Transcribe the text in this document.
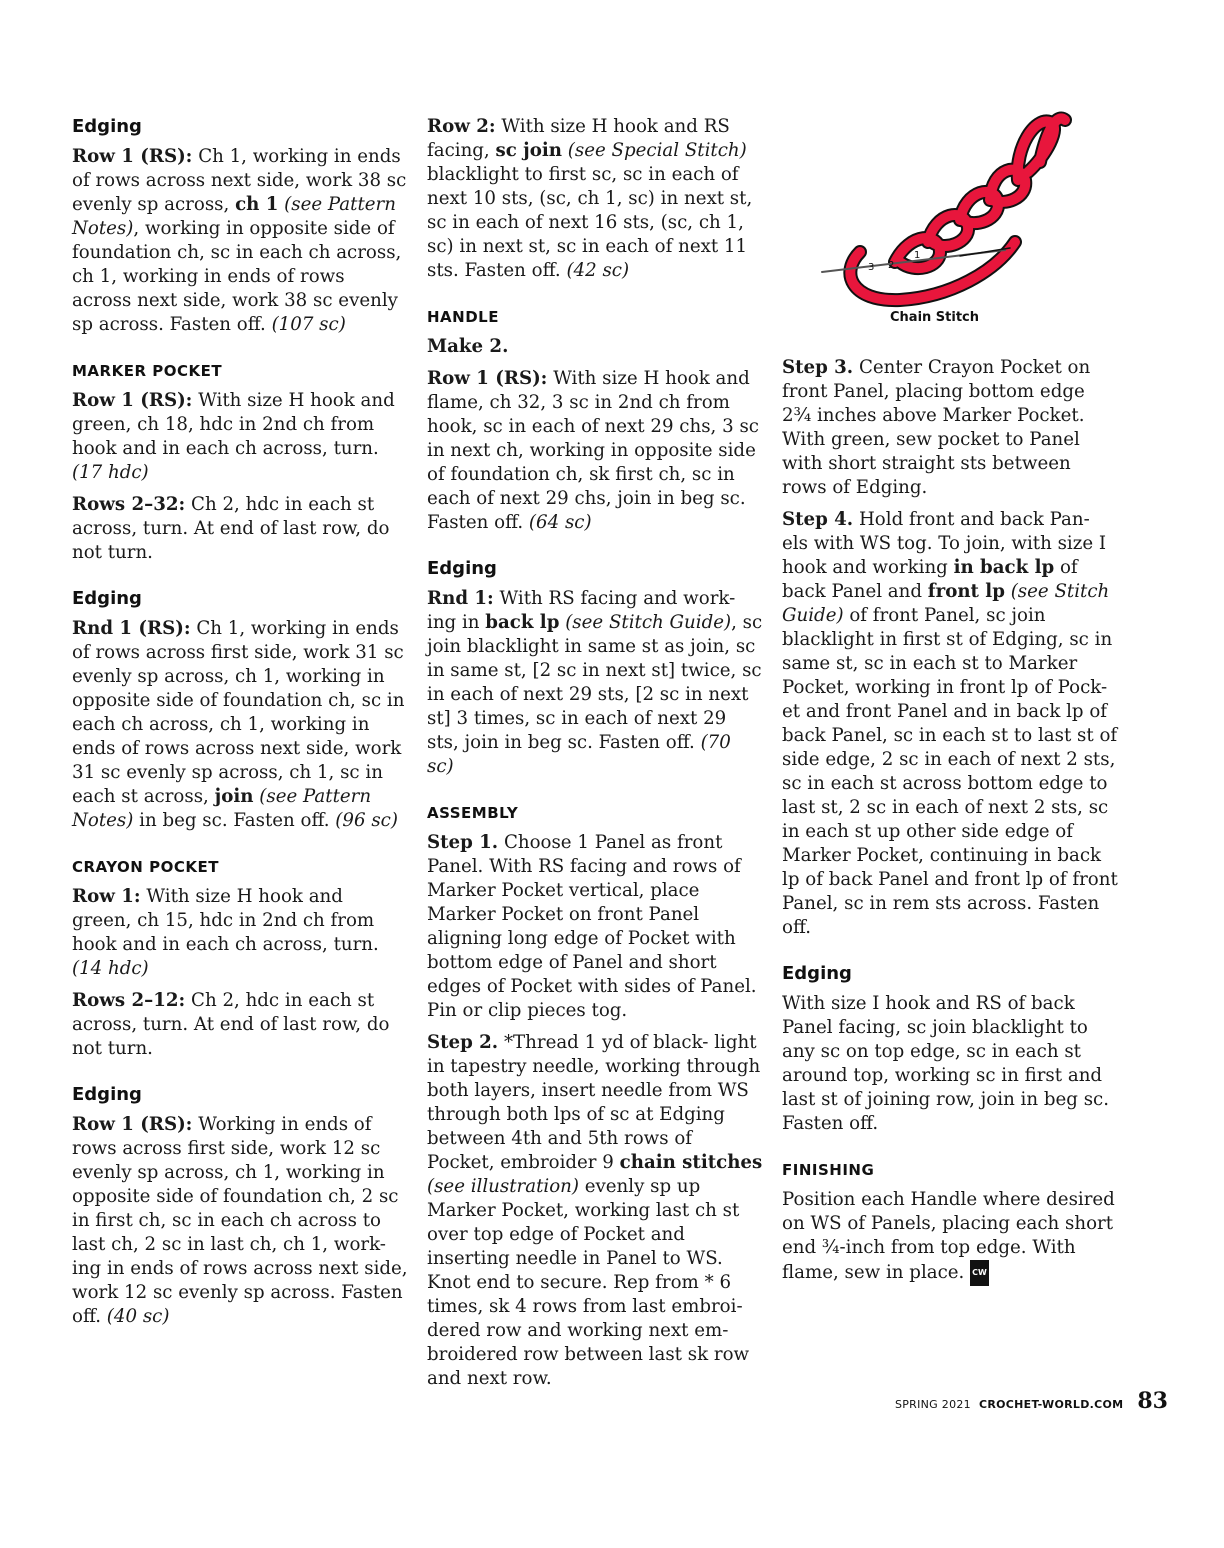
Edging

Row 1 (RS): Ch 1, working in ends of rows across next side, work 38 sc evenly sp across, ch 1 (see Pattern Notes), working in opposite side of foundation ch, sc in each ch across, ch 1, working in ends of rows across next side, work 38 sc evenly sp across. Fasten off. (107 sc)

MARKER POCKET

Row 1 (RS): With size H hook and green, ch 18, hdc in 2nd ch from hook and in each ch across, turn. (17 hdc)

Rows 2–32: Ch 2, hdc in each st across, turn. At end of last row, do not turn.

Edging

Rnd 1 (RS): Ch 1, working in ends of rows across first side, work 31 sc evenly sp across, ch 1, working in opposite side of foundation ch, sc in each ch across, ch 1, working in ends of rows across next side, work 31 sc evenly sp across, ch 1, sc in each st across, join (see Pattern Notes) in beg sc. Fasten off. (96 sc)

CRAYON POCKET

Row 1: With size H hook and green, ch 15, hdc in 2nd ch from hook and in each ch across, turn. (14 hdc)

Rows 2–12: Ch 2, hdc in each st across, turn. At end of last row, do not turn.

Edging

Row 1 (RS): Working in ends of rows across first side, work 12 sc evenly sp across, ch 1, working in opposite side of foundation ch, 2 sc in first ch, sc in each ch across to last ch, 2 sc in last ch, ch 1, work- ing in ends of rows across next side, work 12 sc evenly sp across. Fasten off. (40 sc)

Row 2: With size H hook and RS facing, sc join (see Special Stitch) blacklight to first sc, sc in each of next 10 sts, (sc, ch 1, sc) in next st, sc in each of next 16 sts, (sc, ch 1, sc) in next st, sc in each of next 11 sts. Fasten off. (42 sc)

HANDLE

Make 2.

Row 1 (RS): With size H hook and flame, ch 32, 3 sc in 2nd ch from hook, sc in each of next 29 chs, 3 sc in next ch, working in opposite side of foundation ch, sk first ch, sc in each of next 29 chs, join in beg sc. Fasten off. (64 sc)

Edging

Rnd 1: With RS facing and work- ing in back lp (see Stitch Guide), sc join blacklight in same st as join, sc in same st, [2 sc in next st] twice, sc in each of next 29 sts, [2 sc in next st] 3 times, sc in each of next 29 sts, join in beg sc. Fasten off. (70 sc)

ASSEMBLY

Step 1. Choose 1 Panel as front Panel. With RS facing and rows of Marker Pocket vertical, place Marker Pocket on front Panel aligning long edge of Pocket with bottom edge of Panel and short edges of Pocket with sides of Panel. Pin or clip pieces tog.

Step 2. *Thread 1 yd of black- light in tapestry needle, working through both layers, insert needle from WS through both lps of sc at Edging between 4th and 5th rows of Pocket, embroider 9 chain stitches (see illustration) evenly sp up Marker Pocket, working last ch st over top edge of Pocket and inserting needle in Panel to WS. Knot end to secure. Rep from * 6 times, sk 4 rows from last embroi- dered row and working next em- broidered row between last sk row and next row.

3 2
1
Chain Stitch

Step 3. Center Crayon Pocket on front Panel, placing bottom edge 2¾ inches above Marker Pocket. With green, sew pocket to Panel with short straight sts between rows of Edging.

Step 4. Hold front and back Pan- els with WS tog. To join, with size I hook and working in back lp of back Panel and front lp (see Stitch Guide) of front Panel, sc join blacklight in first st of Edging, sc in same st, sc in each st to Marker Pocket, working in front lp of Pock- et and front Panel and in back lp of back Panel, sc in each st to last st of side edge, 2 sc in each of next 2 sts, sc in each st across bottom edge to last st, 2 sc in each of next 2 sts, sc in each st up other side edge of Marker Pocket, continuing in back lp of back Panel and front lp of front Panel, sc in rem sts across. Fasten off.

Edging

With size I hook and RS of back Panel facing, sc join blacklight to any sc on top edge, sc in each st around top, working sc in first and last st of joining row, join in beg sc. Fasten off.

FINISHING

Position each Handle where desired on WS of Panels, placing each short end ¾-inch from top edge. With flame, sew in place. CW

SPRING 2021 CROCHET-WORLD.COM 83
